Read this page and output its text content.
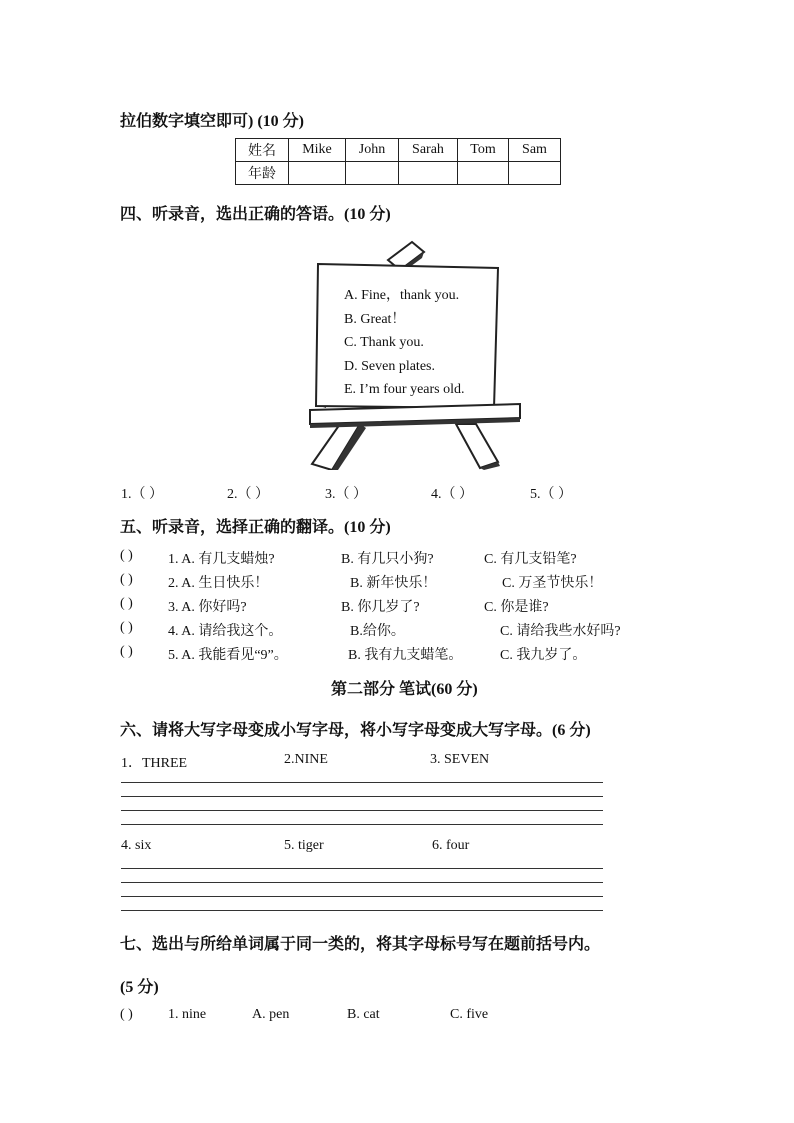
拉伯数字填空即可) (10 分)
姓名	Mike	John	Sarah	Tom	Sam
年龄					
四、听录音，选出正确的答语。(10 分)
A. Fine，thank you.
B. Great！
C. Thank you.
D. Seven plates.
E. I’m four years old.
1.（ ）	2.（ ）	3.（ ）	4.（ ）	5.（ ）
五、听录音，选择正确的翻译。(10 分)
( )	1. A. 有几支蜡烛?	B. 有几只小狗?	C. 有几支铅笔?
( )	2. A. 生日快乐！	B. 新年快乐！	C. 万圣节快乐！
( )	3. A. 你好吗?	B. 你几岁了?	C. 你是谁?
( )	4. A. 请给我这个。	B.给你。	C. 请给我些水好吗?
( )	5. A. 我能看见“9”。	B. 我有九支蜡笔。	C. 我九岁了。
第二部分 笔试(60 分)
六、请将大写字母变成小写字母，将小写字母变成大写字母。(6 分)
1．THREE	2.NINE	3. SEVEN
4. six	5. tiger	6. four
七、选出与所给单词属于同一类的，将其字母标号写在题前括号内。
(5 分)
( )	1. nine	A. pen	B. cat	C. five
